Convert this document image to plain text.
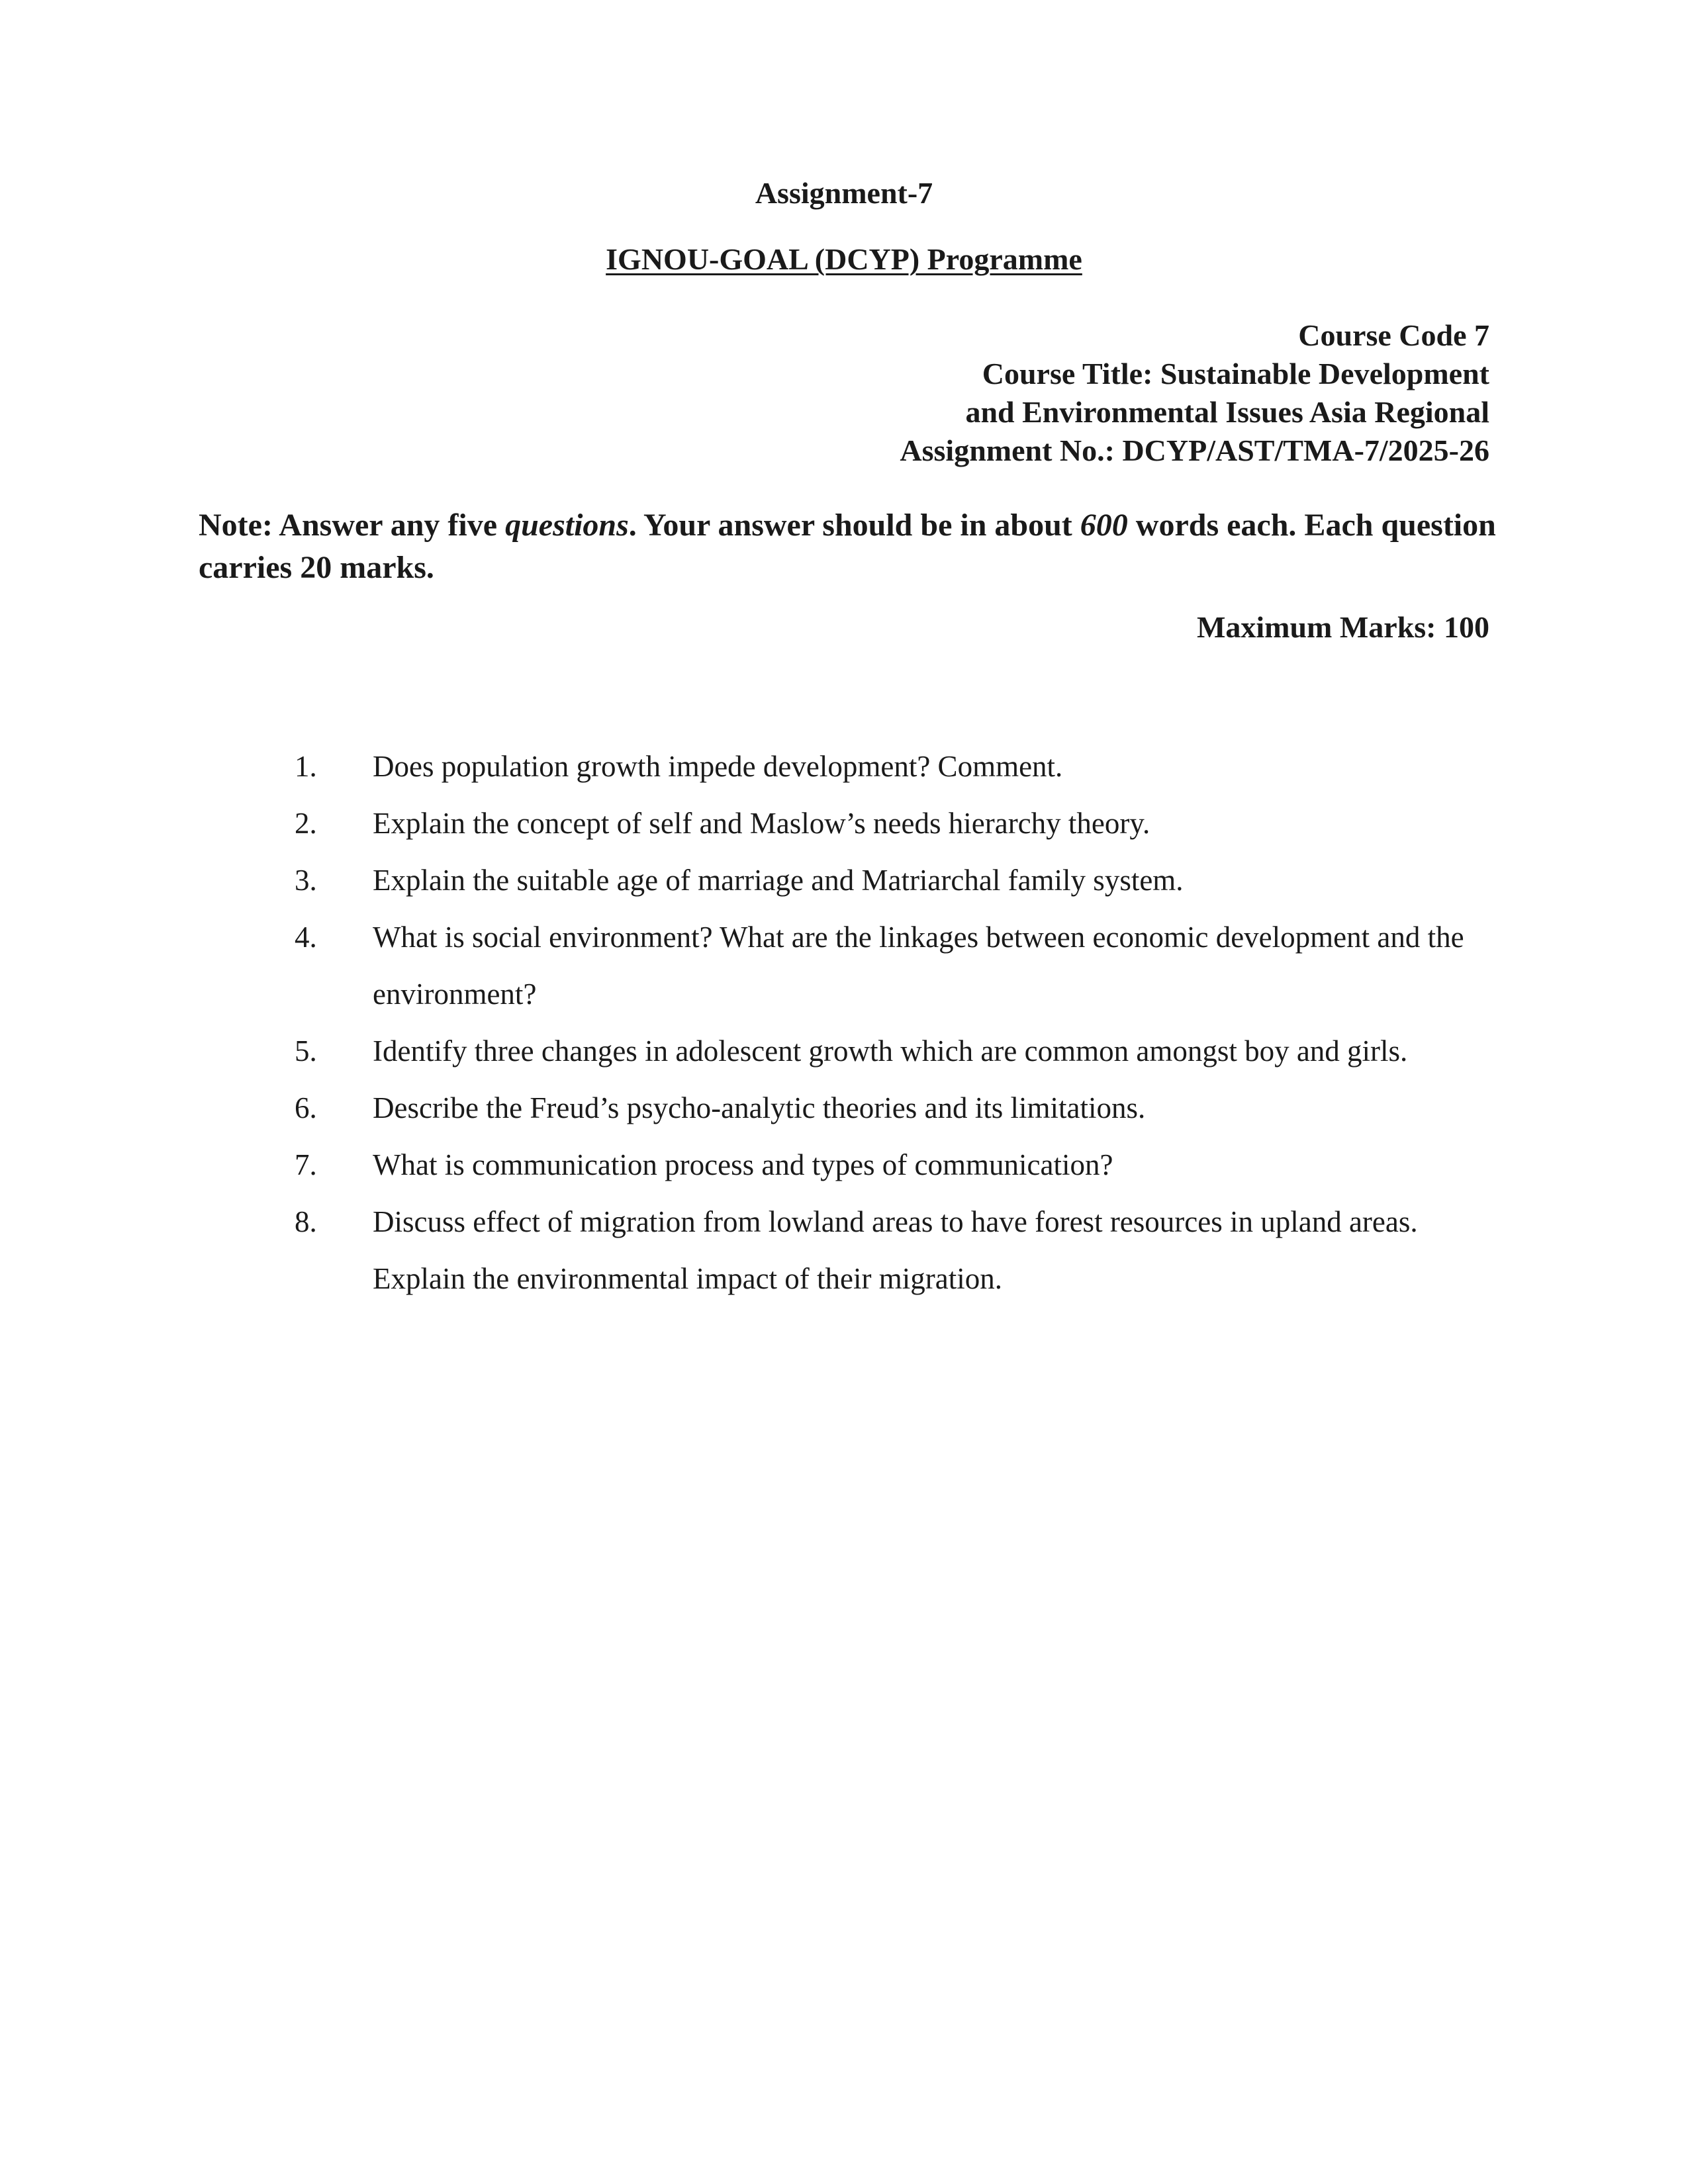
Assignment-7
IGNOU-GOAL (DCYP) Programme
Course Code 7
Course Title: Sustainable Development
and Environmental Issues Asia Regional
Assignment No.: DCYP/AST/TMA-7/2025-26
Note: Answer any five questions. Your answer should be in about 600 words each. Each question carries 20 marks.
Maximum Marks: 100
1. Does population growth impede development? Comment.
2. Explain the concept of self and Maslow’s needs hierarchy theory.
3. Explain the suitable age of marriage and Matriarchal family system.
4. What is social environment? What are the linkages between economic development and the environment?
5. Identify three changes in adolescent growth which are common amongst boy and girls.
6. Describe the Freud’s psycho-analytic theories and its limitations.
7. What is communication process and types of communication?
8. Discuss effect of migration from lowland areas to have forest resources in upland areas. Explain the environmental impact of their migration.
